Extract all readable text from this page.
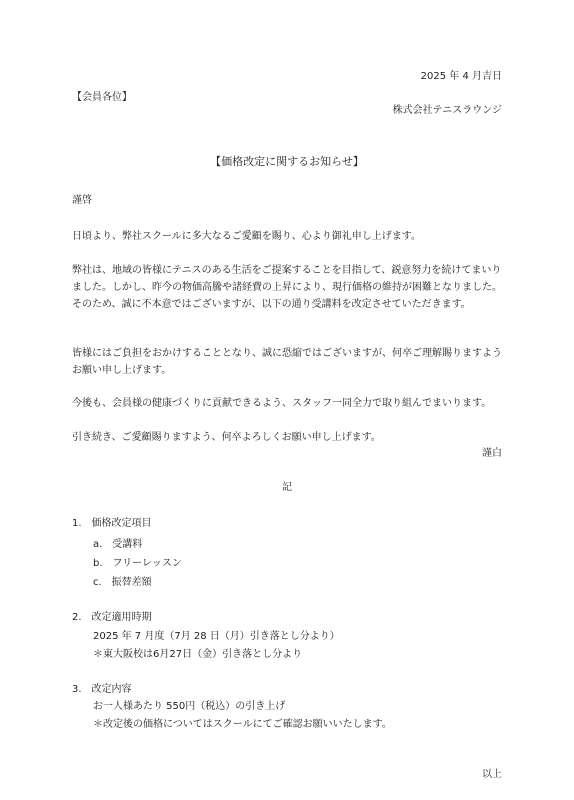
2025 年 4 月吉日
【会員各位】
株式会社テニスラウンジ
【価格改定に関するお知らせ】
謹啓
日頃より、弊社スクールに多大なるご愛顧を賜り、心より御礼申し上げます。
弊社は、地域の皆様にテニスのある生活をご提案することを目指して、鋭意努力を続けてまいりました。しかし、昨今の物価高騰や諸経費の上昇により、現行価格の維持が困難となりました。そのため、誠に不本意ではございますが、以下の通り受講料を改定させていただきます。
皆様にはご負担をおかけすることとなり、誠に恐縮ではございますが、何卒ご理解賜りますようお願い申し上げます。
今後も、会員様の健康づくりに貢献できるよう、スタッフ一同全力で取り組んでまいります。
引き続き、ご愛顧賜りますよう、何卒よろしくお願い申し上げます。
謹白
記
1.　価格改定項目
a.　受講料
b.　フリーレッスン
c.　振替差額
2.　改定適用時期
2025 年 7 月度（7月 28 日（月）引き落とし分より）
＊東大阪校は6月27日（金）引き落とし分より
3.　改定内容
お一人様あたり 550円（税込）の引き上げ
＊改定後の価格についてはスクールにてご確認お願いいたします。
以上
